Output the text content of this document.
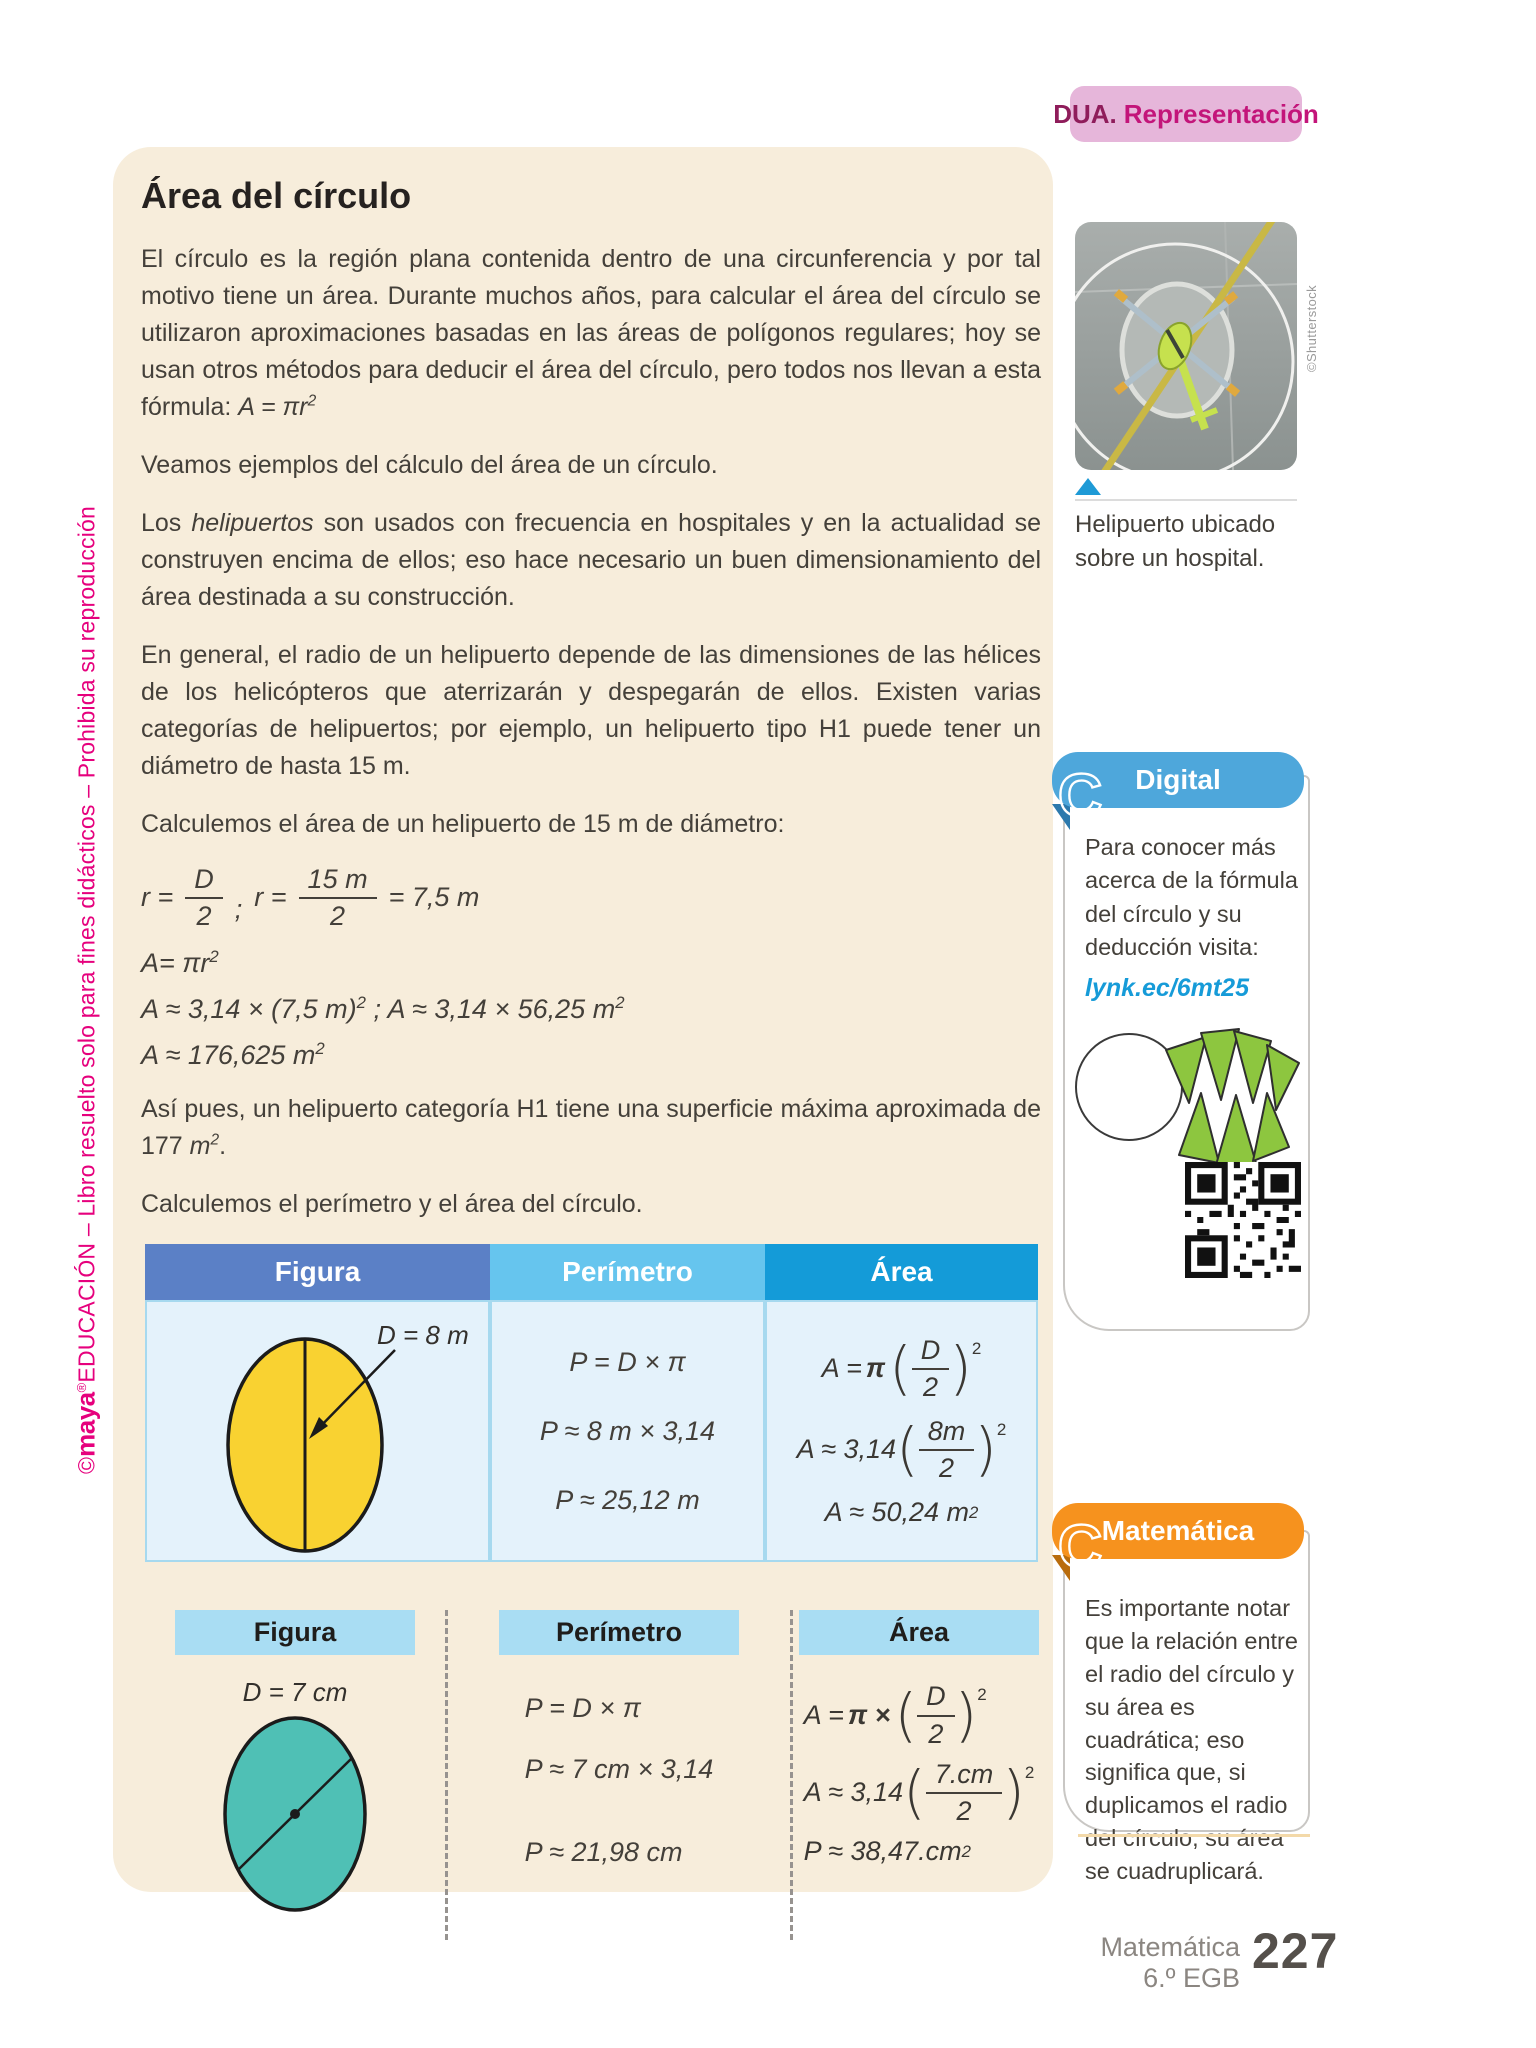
©maya®EDUCACIÓN – Libro resuelto solo para fines didácticos – Prohibida su reproducción
DUA. Representación
Área del círculo

El círculo es la región plana contenida dentro de una circunferencia y por tal motivo tiene un área. Durante muchos años, para calcular el área del círculo se utilizaron aproximaciones basadas en las áreas de polígonos regulares; hoy se usan otros métodos para deducir el área del círculo, pero todos nos llevan a esta fórmula: $A = \pi r^2$

Veamos ejemplos del cálculo del área de un círculo.

Los helipuertos son usados con frecuencia en hospitales y en la actualidad se construyen encima de ellos; eso hace necesario un buen dimensionamiento del área destinada a su construcción.

En general, el radio de un helipuerto depende de las dimensiones de las hélices de los helicópteros que aterrizarán y despegarán de ellos. Existen varias categorías de helipuertos; por ejemplo, un helipuerto tipo H1 puede tener un diámetro de hasta 15 m.

Calculemos el área de un helipuerto de 15 m de diámetro:

$r = \frac{D}{2}$ ; $r = \frac{15 m}{2} = 7,5$ m
$A= \pi r^2$
A ≈ 3,14 × (7,5 m)$^2$ ; A ≈ 3,14 × 56,25 $m^2$
A ≈ 176,625 $m^2$

Así pues, un helipuerto categoría H1 tiene una superficie máxima aproximada de 177 $m^2$.

Calculemos el perímetro y el área del círculo.

Figura	Perímetro	Área
D = 8 m
P = D × π
P ≈ 8 m × 3,14
P ≈ 25,12 m
A = π ( $\frac{D}{2} )^2$
A ≈ 3,14 ( $\frac{8m}{2} )^2$
A ≈ 50,24 m 2
Figura
D = 7 cm
Perímetro
P = D × π
P ≈ 7 cm × 3,14
P ≈ 21,98 cm
Área
A = π × ( $\frac{D}{2} )^2$
A ≈ 3,14 ( $\frac{7.cm}{2} )^2$
P ≈ 38,47.cm 2
©Shutterstock
Helipuerto ubicado sobre un hospital.
Para conocer más acerca de la fórmula del círculo y su deducción visita:
lynk.ec/6mt25
Digital
C
Es importante notar que la relación entre el radio del círculo y su área es cuadrática; eso significa que, si duplicamos el radio del círculo, su área se cuadruplicará.
Matemática
C
Matemática
6.º EGB 227
